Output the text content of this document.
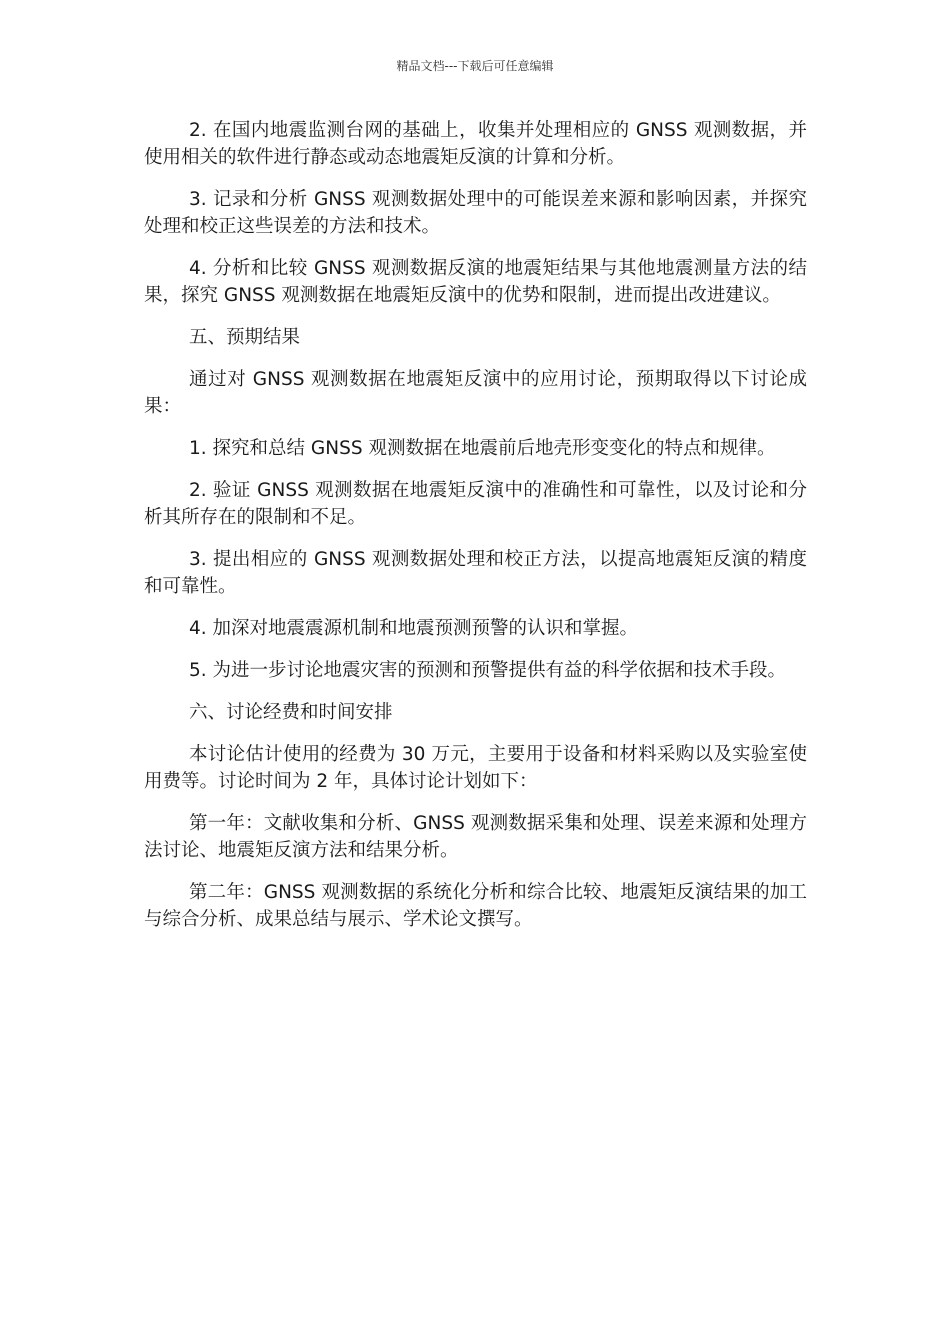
精品文档---下载后可任意编辑

2. 在国内地震监测台网的基础上，收集并处理相应的 GNSS 观测数据，并使用相关的软件进行静态或动态地震矩反演的计算和分析。

3. 记录和分析 GNSS 观测数据处理中的可能误差来源和影响因素，并探究处理和校正这些误差的方法和技术。

4. 分析和比较 GNSS 观测数据反演的地震矩结果与其他地震测量方法的结果，探究 GNSS 观测数据在地震矩反演中的优势和限制，进而提出改进建议。

五、预期结果

通过对 GNSS 观测数据在地震矩反演中的应用讨论，预期取得以下讨论成果：

1. 探究和总结 GNSS 观测数据在地震前后地壳形变变化的特点和规律。

2. 验证 GNSS 观测数据在地震矩反演中的准确性和可靠性，以及讨论和分析其所存在的限制和不足。

3. 提出相应的 GNSS 观测数据处理和校正方法，以提高地震矩反演的精度和可靠性。

4. 加深对地震震源机制和地震预测预警的认识和掌握。

5. 为进一步讨论地震灾害的预测和预警提供有益的科学依据和技术手段。

六、讨论经费和时间安排

本讨论估计使用的经费为 30 万元，主要用于设备和材料采购以及实验室使用费等。讨论时间为 2 年，具体讨论计划如下：

第一年：文献收集和分析、GNSS 观测数据采集和处理、误差来源和处理方法讨论、地震矩反演方法和结果分析。

第二年：GNSS 观测数据的系统化分析和综合比较、地震矩反演结果的加工与综合分析、成果总结与展示、学术论文撰写。
